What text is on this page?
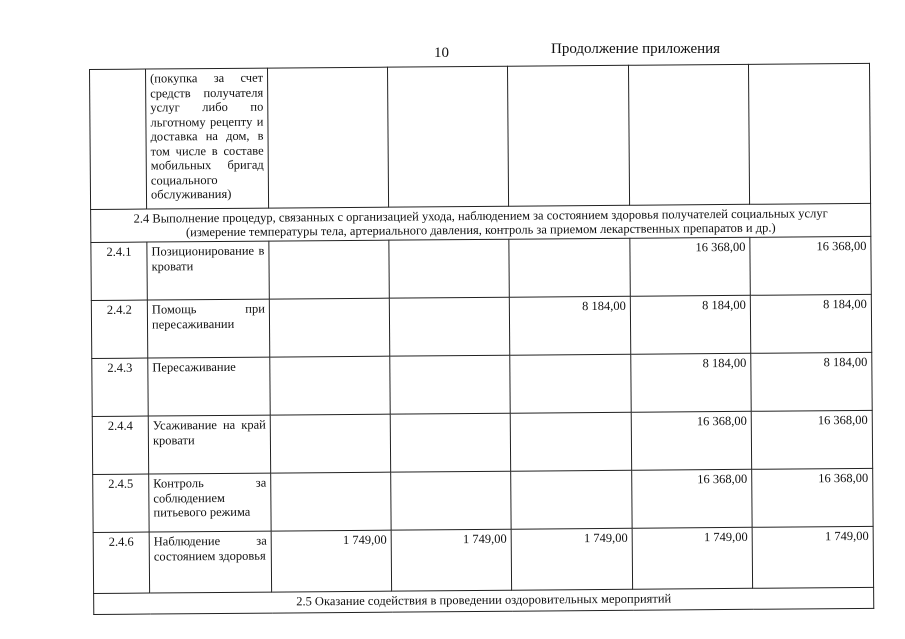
10	Продолжение приложения
	(покупка за счет средств получателя услуг либо по льготному рецепту и доставка на дом, в том числе в составе мобильных бригад социального обслуживания)					

2.4 Выполнение процедур, связанных с организацией ухода, наблюдением за состоянием здоровья получателей социальных услуг
(измерение температуры тела, артериального давления, контроль за приемом лекарственных препаратов и др.)						

2.4.1	Позиционирование в кровати				16 368,00	16 368,00
2.4.2	Помощь при пересаживании			8 184,00	8 184,00	8 184,00
2.4.3	Пересаживание				8 184,00	8 184,00
2.4.4	Усаживание на край кровати				16 368,00	16 368,00
2.4.5	Контроль за соблюдением питьевого режима				16 368,00	16 368,00
2.4.6	Наблюдение за состоянием здоровья	1 749,00	1 749,00	1 749,00	1 749,00	1 749,00
2.5 Оказание содействия в проведении оздоровительных мероприятий						
